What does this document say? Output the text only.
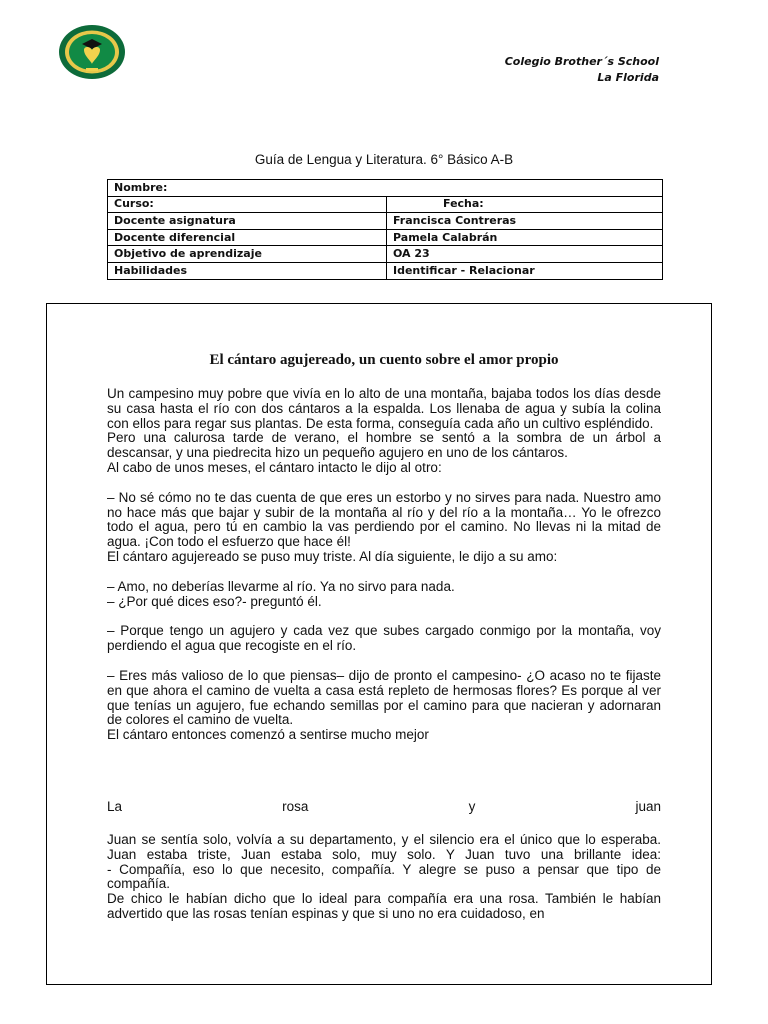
Colegio Brother´s School
La Florida
Guía de Lengua y Literatura. 6° Básico A-B
Nombre:	
Curso:	Fecha:
Docente asignatura	Francisca Contreras
Docente diferencial	Pamela Calabrán
Objetivo de aprendizaje	OA 23
Habilidades	Identificar - Relacionar
El cántaro agujereado, un cuento sobre el amor propio

Un campesino muy pobre que vivía en lo alto de una montaña, bajaba todos los días desde su casa hasta el río con dos cántaros a la espalda. Los llenaba de agua y subía la colina con ellos para regar sus plantas. De esta forma, conseguía cada año un cultivo espléndido.

Pero una calurosa tarde de verano, el hombre se sentó a la sombra de un árbol a descansar, y una piedrecita hizo un pequeño agujero en uno de los cántaros.

Al cabo de unos meses, el cántaro intacto le dijo al otro:

– No sé cómo no te das cuenta de que eres un estorbo y no sirves para nada. Nuestro amo no hace más que bajar y subir de la montaña al río y del río a la montaña… Yo le ofrezco todo el agua, pero tú en cambio la vas perdiendo por el camino. No llevas ni la mitad de agua. ¡Con todo el esfuerzo que hace él!

El cántaro agujereado se puso muy triste. Al día siguiente, le dijo a su amo:

– Amo, no deberías llevarme al río. Ya no sirvo para nada.

– ¿Por qué dices eso?- preguntó él.

– Porque tengo un agujero y cada vez que subes cargado conmigo por la montaña, voy perdiendo el agua que recogiste en el río.

– Eres más valioso de lo que piensas– dijo de pronto el campesino- ¿O acaso no te fijaste en que ahora el camino de vuelta a casa está repleto de hermosas flores? Es porque al ver que tenías un agujero, fue echando semillas por el camino para que nacieran y adornaran de colores el camino de vuelta.

El cántaro entonces comenzó a sentirse mucho mejor

La	rosa	y	juan

Juan se sentía solo, volvía a su departamento, y el silencio era el único que lo esperaba. Juan estaba triste, Juan estaba solo, muy solo. Y Juan tuvo una brillante idea:

- Compañía, eso lo que necesito, compañía. Y alegre se puso a pensar que tipo de compañía.

De chico le habían dicho que lo ideal para compañía era una rosa. También le habían advertido que las rosas tenían espinas y que si uno no era cuidadoso, en
